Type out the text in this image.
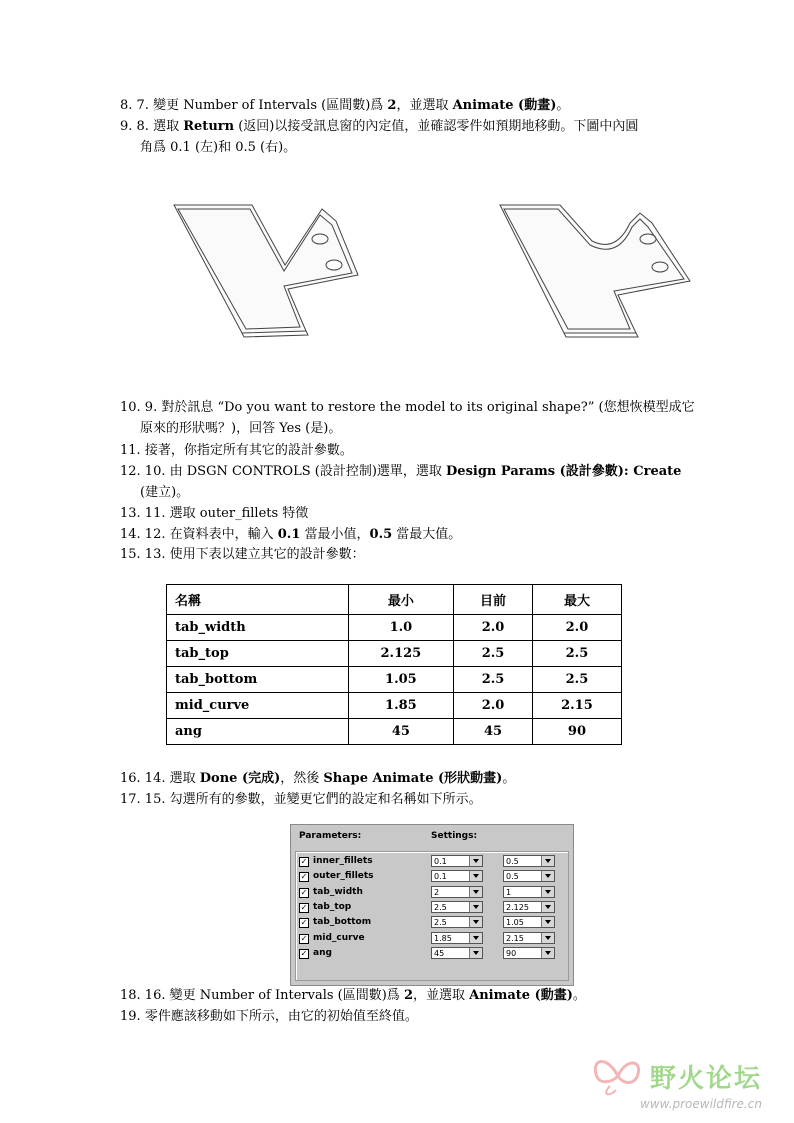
8. 7. 變更 Number of Intervals (區間數)爲 2，並選取 Animate (動畫)。
9. 8. 選取 Return (返回)以接受訊息窗的內定值，並確認零件如預期地移動。下圖中內圓
角爲 0.1 (左)和 0.5 (右)。
10. 9. 對於訊息 “Do you want to restore the model to its original shape?” (您想恢模型成它
原來的形狀嗎？)，回答 Yes (是)。
11. 接著，你指定所有其它的設計參數。
12. 10. 由 DSGN CONTROLS (設計控制)選單，選取 Design Params (設計參數): Create
(建立)。
13. 11. 選取 outer_fillets 特徵
14. 12. 在資料表中，輸入 0.1 當最小值，0.5 當最大值。
15. 13. 使用下表以建立其它的設計參數：
16. 14. 選取 Done (完成)，然後 Shape Animate (形狀動畫)。
17. 15. 勾選所有的參數，並變更它們的設定和名稱如下所示。
18. 16. 變更 Number of Intervals (區間數)爲 2，並選取 Animate (動畫)。
19. 零件應該移動如下所示，由它的初始值至終值。
名稱	最小	目前	最大
tab_width	1.0	2.0	2.0
tab_top	2.125	2.5	2.5
tab_bottom	1.05	2.5	2.5
mid_curve	1.85	2.0	2.15
ang	45	45	90
Parameters:	Settings:
✓ inner_fillets	0.1	0.5
✓ outer_fillets	0.1	0.5
✓ tab_width	2	1
✓ tab_top	2.5	2.125
✓ tab_bottom	2.5	1.05
✓ mid_curve	1.85	2.15
✓ ang	45	90
野火论坛
www.proewildfire.cn
